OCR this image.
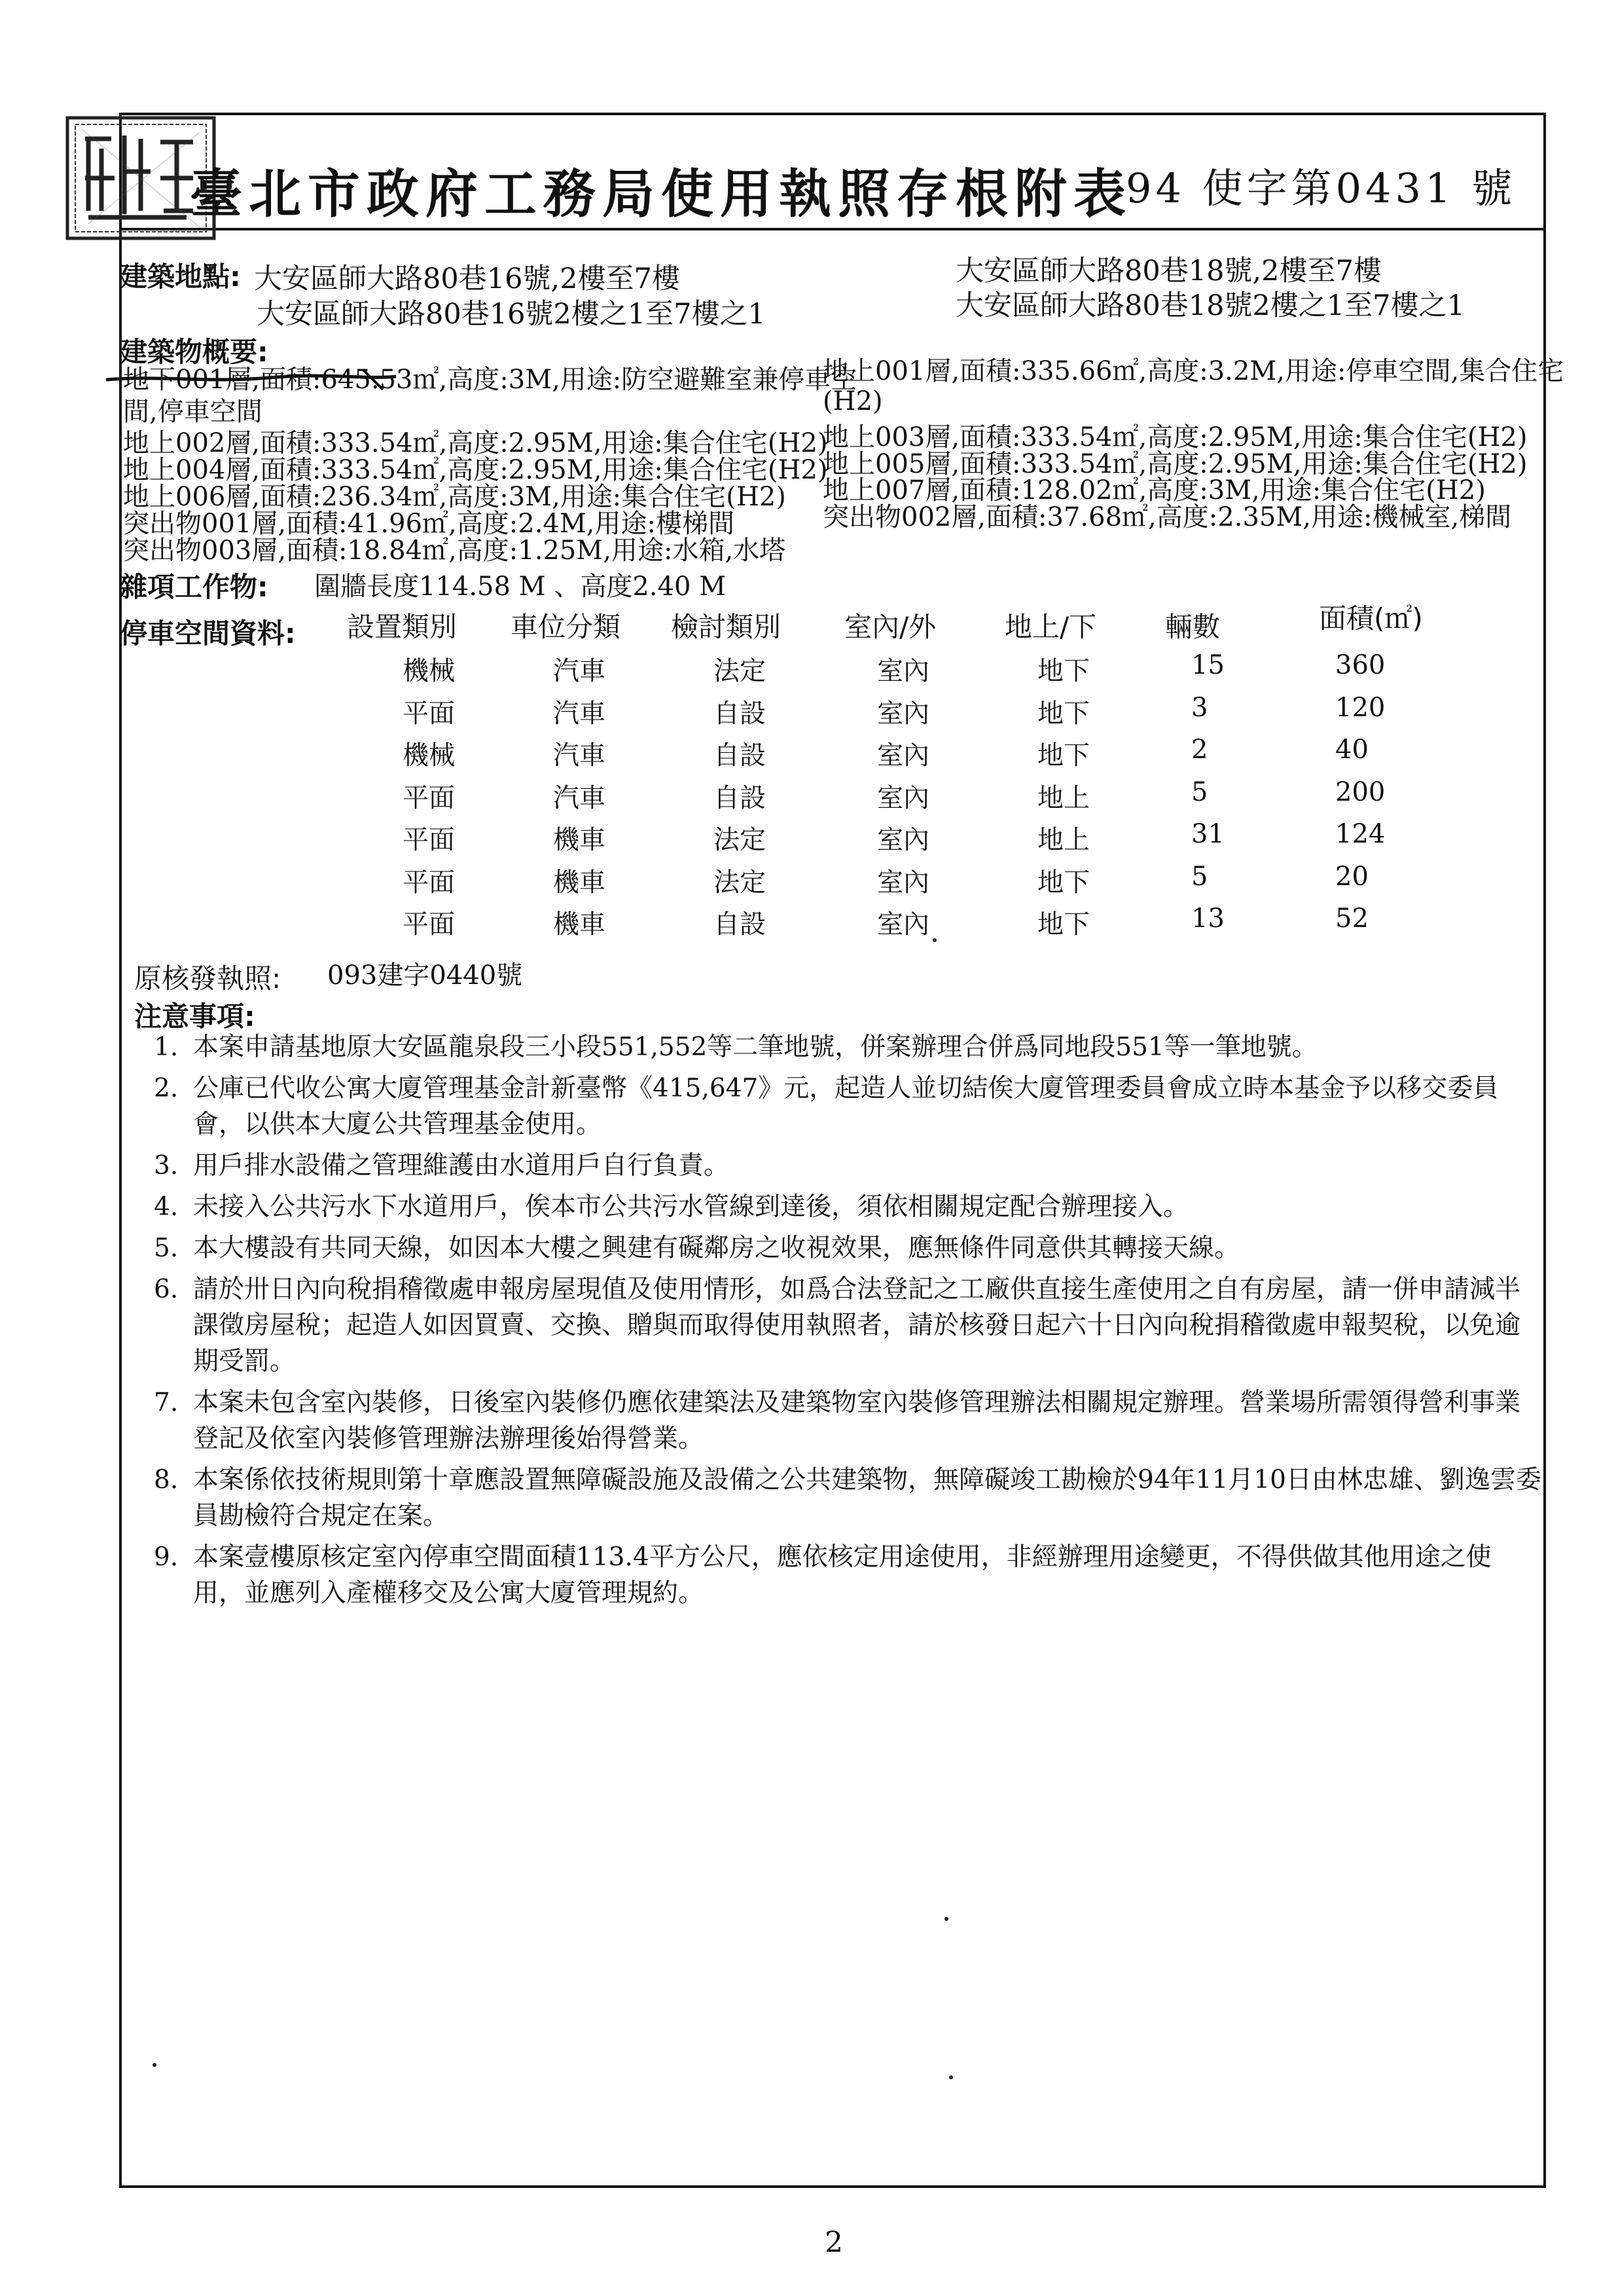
臺北市政府工務局使用執照存根附表
94 使字第0431 號
建築地點: 大安區師大路80巷16號,2樓至7樓
大安區師大路80巷16號2樓之1至7樓之1
大安區師大路80巷18號,2樓至7樓
大安區師大路80巷18號2樓之1至7樓之1
建築物概要:
地下001層,面積:645.53㎡,高度:3M,用途:防空避難室兼停車空
間,停車空間
地上002層,面積:333.54㎡,高度:2.95M,用途:集合住宅(H2)
地上004層,面積:333.54㎡,高度:2.95M,用途:集合住宅(H2)
地上006層,面積:236.34㎡,高度:3M,用途:集合住宅(H2)
突出物001層,面積:41.96㎡,高度:2.4M,用途:樓梯間
突出物003層,面積:18.84㎡,高度:1.25M,用途:水箱,水塔
地上001層,面積:335.66㎡,高度:3.2M,用途:停車空間,集合住宅
(H2)
地上003層,面積:333.54㎡,高度:2.95M,用途:集合住宅(H2)
地上005層,面積:333.54㎡,高度:2.95M,用途:集合住宅(H2)
地上007層,面積:128.02㎡,高度:3M,用途:集合住宅(H2)
突出物002層,面積:37.68㎡,高度:2.35M,用途:機械室,梯間
雜項工作物: 圍牆長度114.58 M 、高度2.40 M
停車空間資料: 設置類別 車位分類 檢討類別 室內/外 地上/下 輛數	面積(㎡)
機械	汽車	法定	室內	地下	15	360
平面	汽車	自設	室內	地下	3	120
機械	汽車	自設	室內	地下	2	40
平面	汽車	自設	室內	地上	5	200
平面	機車	法定	室內	地上	31	124
平面	機車	法定	室內	地下	5	20
平面	機車	自設	室內	地下	13	52
原核發執照: 093建字0440號
注意事項:
1. 本案申請基地原大安區龍泉段三小段551,552等二筆地號，併案辦理合併爲同地段551等一筆地號。
2. 公庫已代收公寓大廈管理基金計新臺幣《415,647》元，起造人並切結俟大廈管理委員會成立時本基金予以移交委員會，以供本大廈公共管理基金使用。
3. 用戶排水設備之管理維護由水道用戶自行負責。
4. 未接入公共污水下水道用戶，俟本市公共污水管線到達後，須依相關規定配合辦理接入。
5. 本大樓設有共同天線，如因本大樓之興建有礙鄰房之收視效果，應無條件同意供其轉接天線。
6. 請於卅日內向稅捐稽徵處申報房屋現值及使用情形，如爲合法登記之工廠供直接生產使用之自有房屋，請一併申請減半課徵房屋稅；起造人如因買賣、交換、贈與而取得使用執照者，請於核發日起六十日內向稅捐稽徵處申報契稅，以免逾期受罰。
7. 本案未包含室內裝修，日後室內裝修仍應依建築法及建築物室內裝修管理辦法相關規定辦理。營業場所需領得營利事業登記及依室內裝修管理辦法辦理後始得營業。
8. 本案係依技術規則第十章應設置無障礙設施及設備之公共建築物，無障礙竣工勘檢於94年11月10日由林忠雄、劉逸雲委員勘檢符合規定在案。
9. 本案壹樓原核定室內停車空間面積113.4平方公尺，應依核定用途使用，非經辦理用途變更，不得供做其他用途之使用，並應列入產權移交及公寓大廈管理規約。
2
